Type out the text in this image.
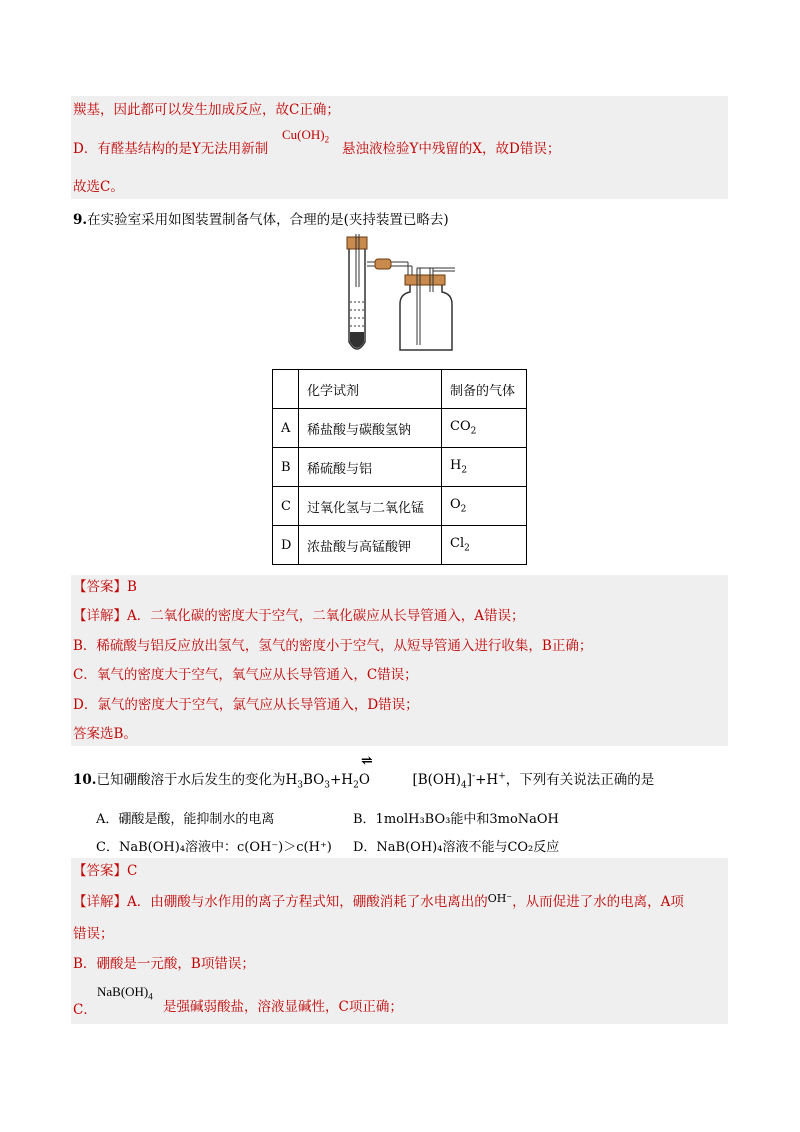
羰基，因此都可以发生加成反应，故C正确；
D．有醛基结构的是Y无法用新制
$Cu(OH)_2$
悬浊液检验Y中残留的X，故D错误；
故选C。
9.在实验室采用如图装置制备气体，合理的是(夹持装置已略去)
	化学试剂	制备的气体
A	稀盐酸与碳酸氢钠	$CO_2$
B	稀硫酸与铝	$H_2$
C	过氧化氢与二氧化锰	$O_2$
D	浓盐酸与高锰酸钾	$Cl_2$
【答案】B
【详解】A．二氧化碳的密度大于空气，二氧化碳应从长导管通入，A错误；
B．稀硫酸与铝反应放出氢气，氢气的密度小于空气，从短导管通入进行收集，B正确；
C．氧气的密度大于空气，氧气应从长导管通入，C错误；
D．氯气的密度大于空气，氯气应从长导管通入，D错误；
答案选B。
10.已知硼酸溶于水后发生的变化为$H_3BO_3+H_2O$	$[B(OH)_4]^-+H^+$，下列有关说法正确的是
⇌
A．硼酸是酸，能抑制水的电离	B．1molH₃BO₃能中和3moNaOH
C．NaB(OH)₄溶液中：c(OH⁻)＞c(H⁺) D．NaB(OH)₄溶液不能与CO₂反应
【答案】C
【详解】A．由硼酸与水作用的离子方程式知，硼酸消耗了水电离出的$^{OH^-}$，从而促进了水的电离，A项
错误；
B．硼酸是一元酸，B项错误；
C．
$NaB(OH)_4$
是强碱弱酸盐，溶液显碱性，C项正确；
